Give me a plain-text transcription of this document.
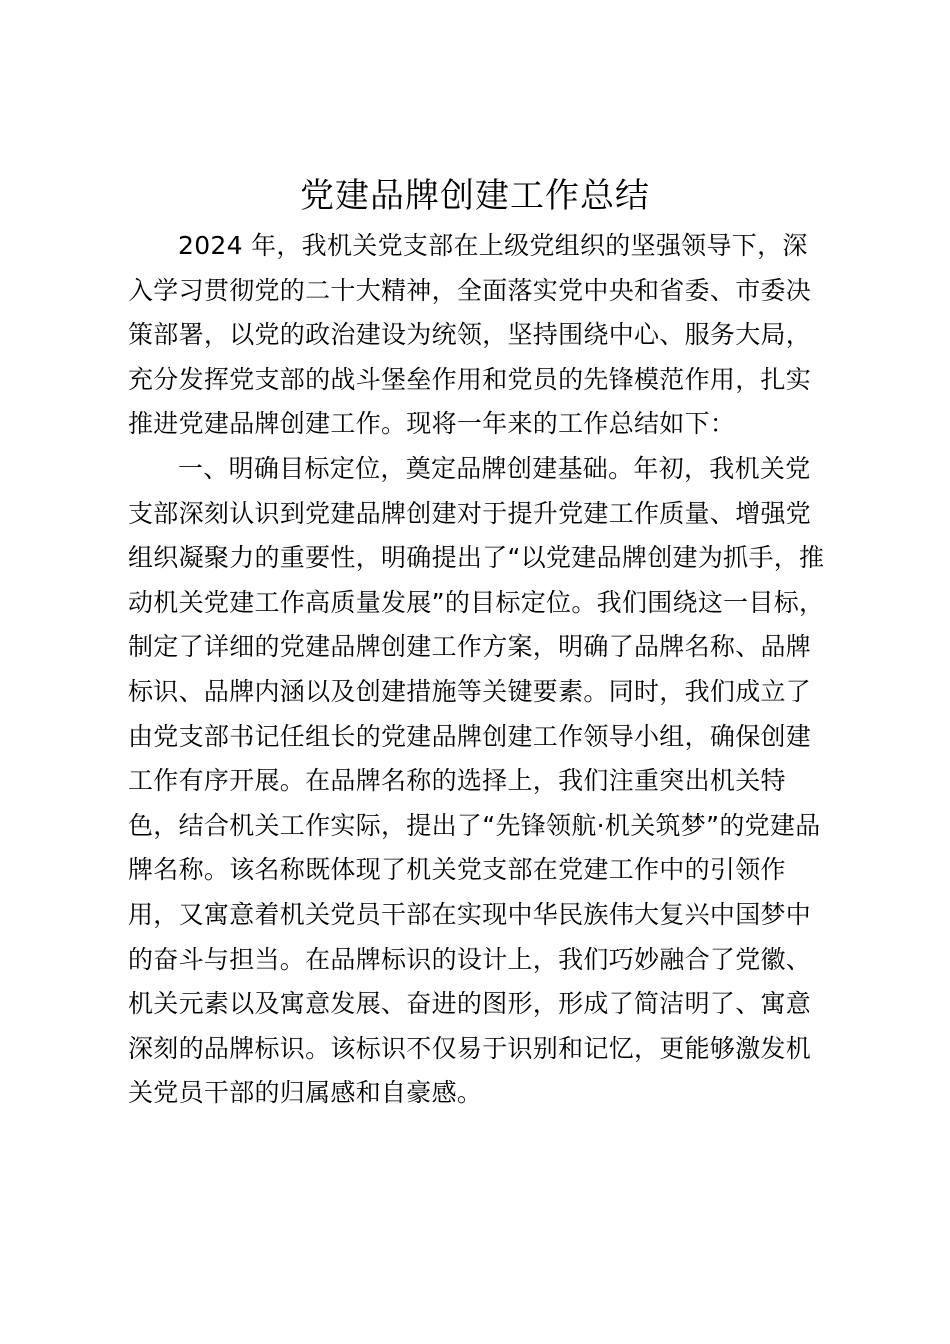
党建品牌创建工作总结
2024 年，我机关党支部在上级党组织的坚强领导下，深
入学习贯彻党的二十大精神，全面落实党中央和省委、市委决
策部署，以党的政治建设为统领，坚持围绕中心、服务大局，
充分发挥党支部的战斗堡垒作用和党员的先锋模范作用，扎实
推进党建品牌创建工作。现将一年来的工作总结如下：
一、明确目标定位，奠定品牌创建基础。年初，我机关党
支部深刻认识到党建品牌创建对于提升党建工作质量、增强党
组织凝聚力的重要性，明确提出了“以党建品牌创建为抓手，推
动机关党建工作高质量发展”的目标定位。我们围绕这一目标，
制定了详细的党建品牌创建工作方案，明确了品牌名称、品牌
标识、品牌内涵以及创建措施等关键要素。同时，我们成立了
由党支部书记任组长的党建品牌创建工作领导小组，确保创建
工作有序开展。在品牌名称的选择上，我们注重突出机关特
色，结合机关工作实际，提出了“先锋领航·机关筑梦”的党建品
牌名称。该名称既体现了机关党支部在党建工作中的引领作
用，又寓意着机关党员干部在实现中华民族伟大复兴中国梦中
的奋斗与担当。在品牌标识的设计上，我们巧妙融合了党徽、
机关元素以及寓意发展、奋进的图形，形成了简洁明了、寓意
深刻的品牌标识。该标识不仅易于识别和记忆，更能够激发机
关党员干部的归属感和自豪感。
